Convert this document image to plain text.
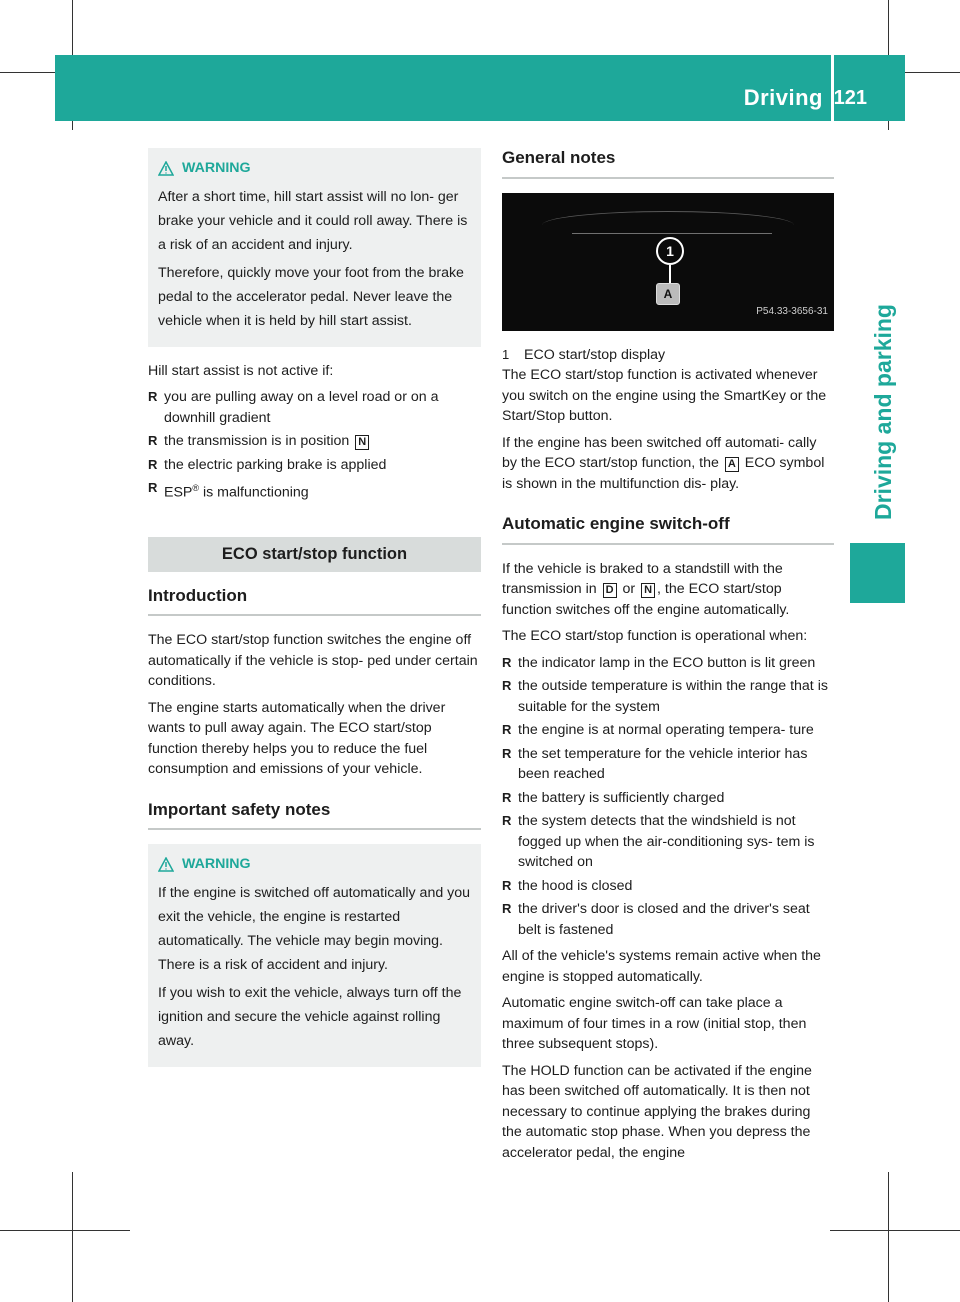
Driving 121
Driving and parking
WARNING

After a short time, hill start assist will no lon- ger brake your vehicle and it could roll away. There is a risk of an accident and injury.

Therefore, quickly move your foot from the brake pedal to the accelerator pedal. Never leave the vehicle when it is held by hill start assist.

Hill start assist is not active if:

R you are pulling away on a level road or on a downhill gradient
R the transmission is in position N
R the electric parking brake is applied
R ESP® is malfunctioning
ECO start/stop function
Introduction

The ECO start/stop function switches the engine off automatically if the vehicle is stop- ped under certain conditions.

The engine starts automatically when the driver wants to pull away again. The ECO start/stop function thereby helps you to reduce the fuel consumption and emissions of your vehicle.

Important safety notes
WARNING

If the engine is switched off automatically and you exit the vehicle, the engine is restarted automatically. The vehicle may begin moving. There is a risk of accident and injury.

If you wish to exit the vehicle, always turn off the ignition and secure the vehicle against rolling away.

General notes
1
A
P54.33-3656-31
1	ECO start/stop display

The ECO start/stop function is activated whenever you switch on the engine using the SmartKey or the Start/Stop button.

If the engine has been switched off automati- cally by the ECO start/stop function, the A ECO symbol is shown in the multifunction dis- play.

Automatic engine switch-off

If the vehicle is braked to a standstill with the transmission in D or N , the ECO start/stop function switches off the engine automatically.

The ECO start/stop function is operational when:

R the indicator lamp in the ECO button is lit green
R the outside temperature is within the range that is suitable for the system
R the engine is at normal operating tempera- ture
R the set temperature for the vehicle interior has been reached
R the battery is sufficiently charged
R the system detects that the windshield is not fogged up when the air-conditioning sys- tem is switched on
R the hood is closed
R the driver's door is closed and the driver's seat belt is fastened

All of the vehicle's systems remain active when the engine is stopped automatically.

Automatic engine switch-off can take place a maximum of four times in a row (initial stop, then three subsequent stops).

The HOLD function can be activated if the engine has been switched off automatically. It is then not necessary to continue applying the brakes during the automatic stop phase. When you depress the accelerator pedal, the engine
